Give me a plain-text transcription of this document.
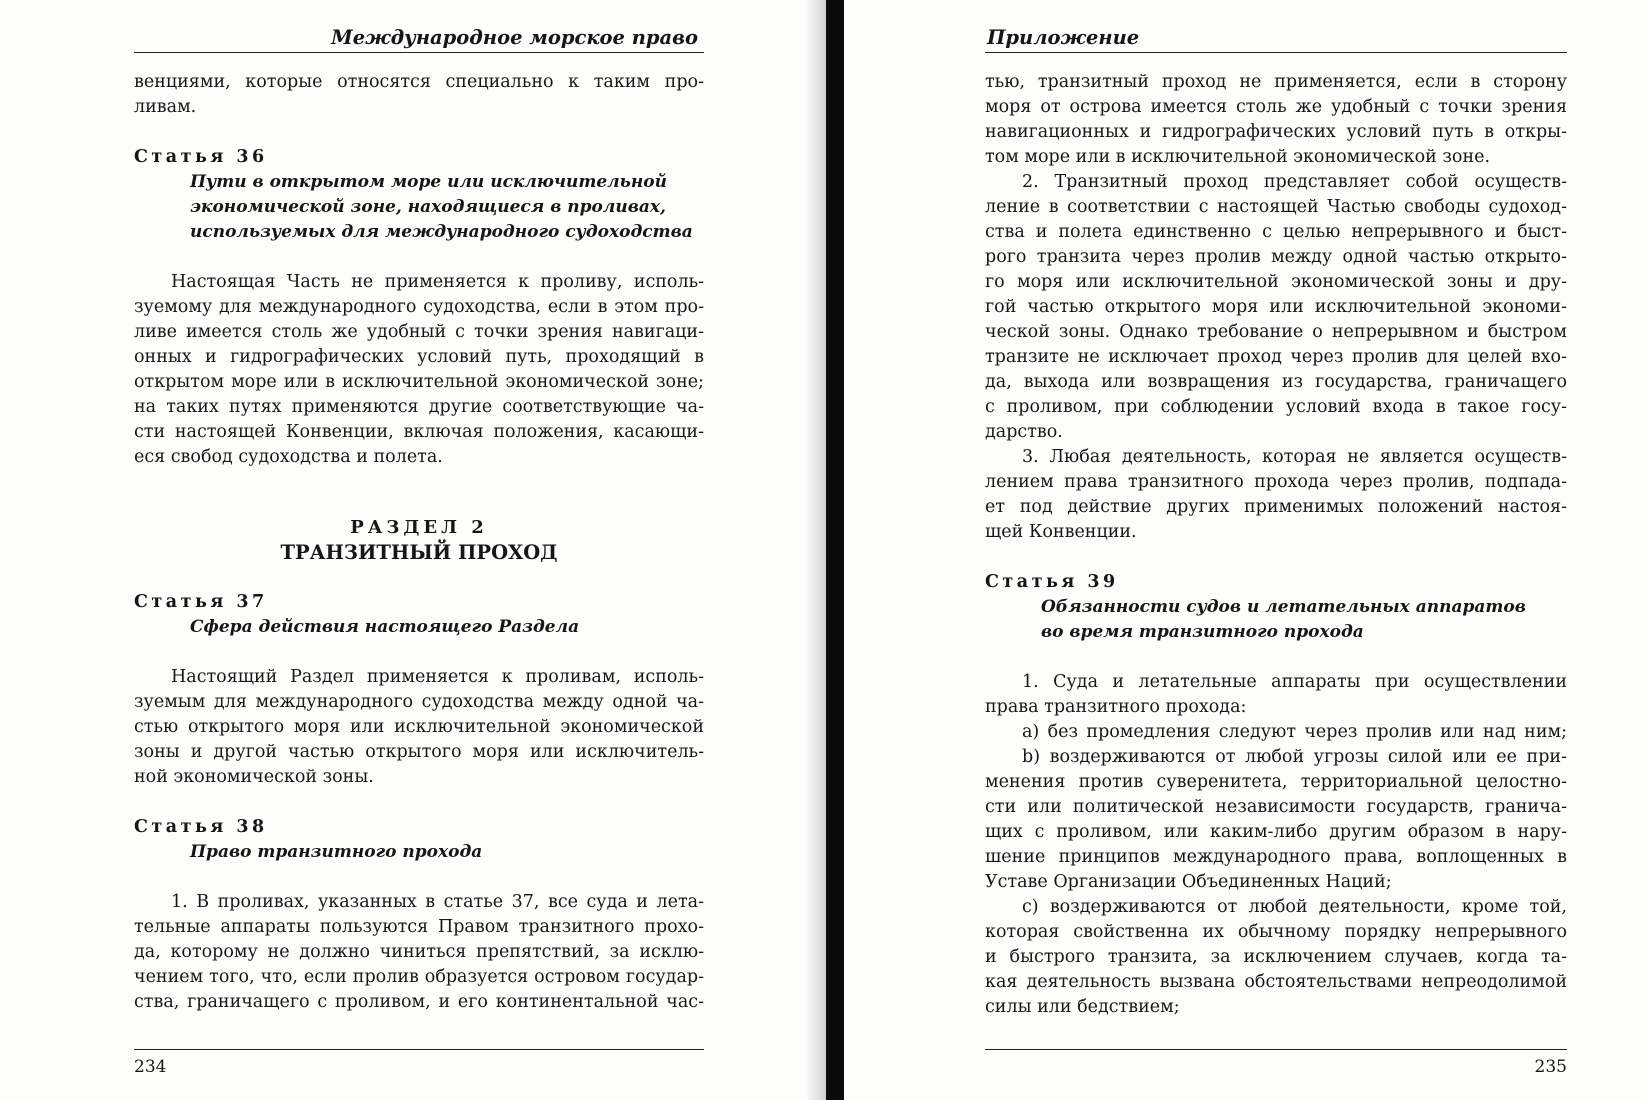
Международное морское право
венциями, которые относятся специально к таким про-
ливам.
Статья 36
Пути в открытом море или исключительной
экономической зоне, находящиеся в проливах,
используемых для международного судоходства
Настоящая Часть не применяется к проливу, исполь-
зуемому для международного судоходства, если в этом про-
ливе имеется столь же удобный с точки зрения навигаци-
онных и гидрографических условий путь, проходящий в
открытом море или в исключительной экономической зоне;
на таких путях применяются другие соответствующие ча-
сти настоящей Конвенции, включая положения, касающи-
еся свобод судоходства и полета.
РАЗДЕЛ 2
ТРАНЗИТНЫЙ ПРОХОД
Статья 37
Сфера действия настоящего Раздела
Настоящий Раздел применяется к проливам, исполь-
зуемым для международного судоходства между одной ча-
стью открытого моря или исключительной экономической
зоны и другой частью открытого моря или исключитель-
ной экономической зоны.
Статья 38
Право транзитного прохода
1. В проливах, указанных в статье 37, все суда и лета-
тельные аппараты пользуются Правом транзитного прохо-
да, которому не должно чиниться препятствий, за исклю-
чением того, что, если пролив образуется островом государ-
ства, граничащего с проливом, и его континентальной час-
234
Приложение
тью, транзитный проход не применяется, если в сторону
моря от острова имеется столь же удобный с точки зрения
навигационных и гидрографических условий путь в откры-
том море или в исключительной экономической зоне.
2. Транзитный проход представляет собой осуществ-
ление в соответствии с настоящей Частью свободы судоход-
ства и полета единственно с целью непрерывного и быст-
рого транзита через пролив между одной частью открыто-
го моря или исключительной экономической зоны и дру-
гой частью открытого моря или исключительной экономи-
ческой зоны. Однако требование о непрерывном и быстром
транзите не исключает проход через пролив для целей вхо-
да, выхода или возвращения из государства, граничащего
с проливом, при соблюдении условий входа в такое госу-
дарство.
3. Любая деятельность, которая не является осуществ-
лением права транзитного прохода через пролив, подпада-
ет под действие других применимых положений настоя-
щей Конвенции.
Статья 39
Обязанности судов и летательных аппаратов
во время транзитного прохода
1. Суда и летательные аппараты при осуществлении
права транзитного прохода:
a) без промедления следуют через пролив или над ним;
b) воздерживаются от любой угрозы силой или ее при-
менения против суверенитета, территориальной целостно-
сти или политической независимости государств, гранича-
щих с проливом, или каким-либо другим образом в нару-
шение принципов международного права, воплощенных в
Уставе Организации Объединенных Наций;
c) воздерживаются от любой деятельности, кроме той,
которая свойственна их обычному порядку непрерывного
и быстрого транзита, за исключением случаев, когда та-
кая деятельность вызвана обстоятельствами непреодолимой
силы или бедствием;
235
